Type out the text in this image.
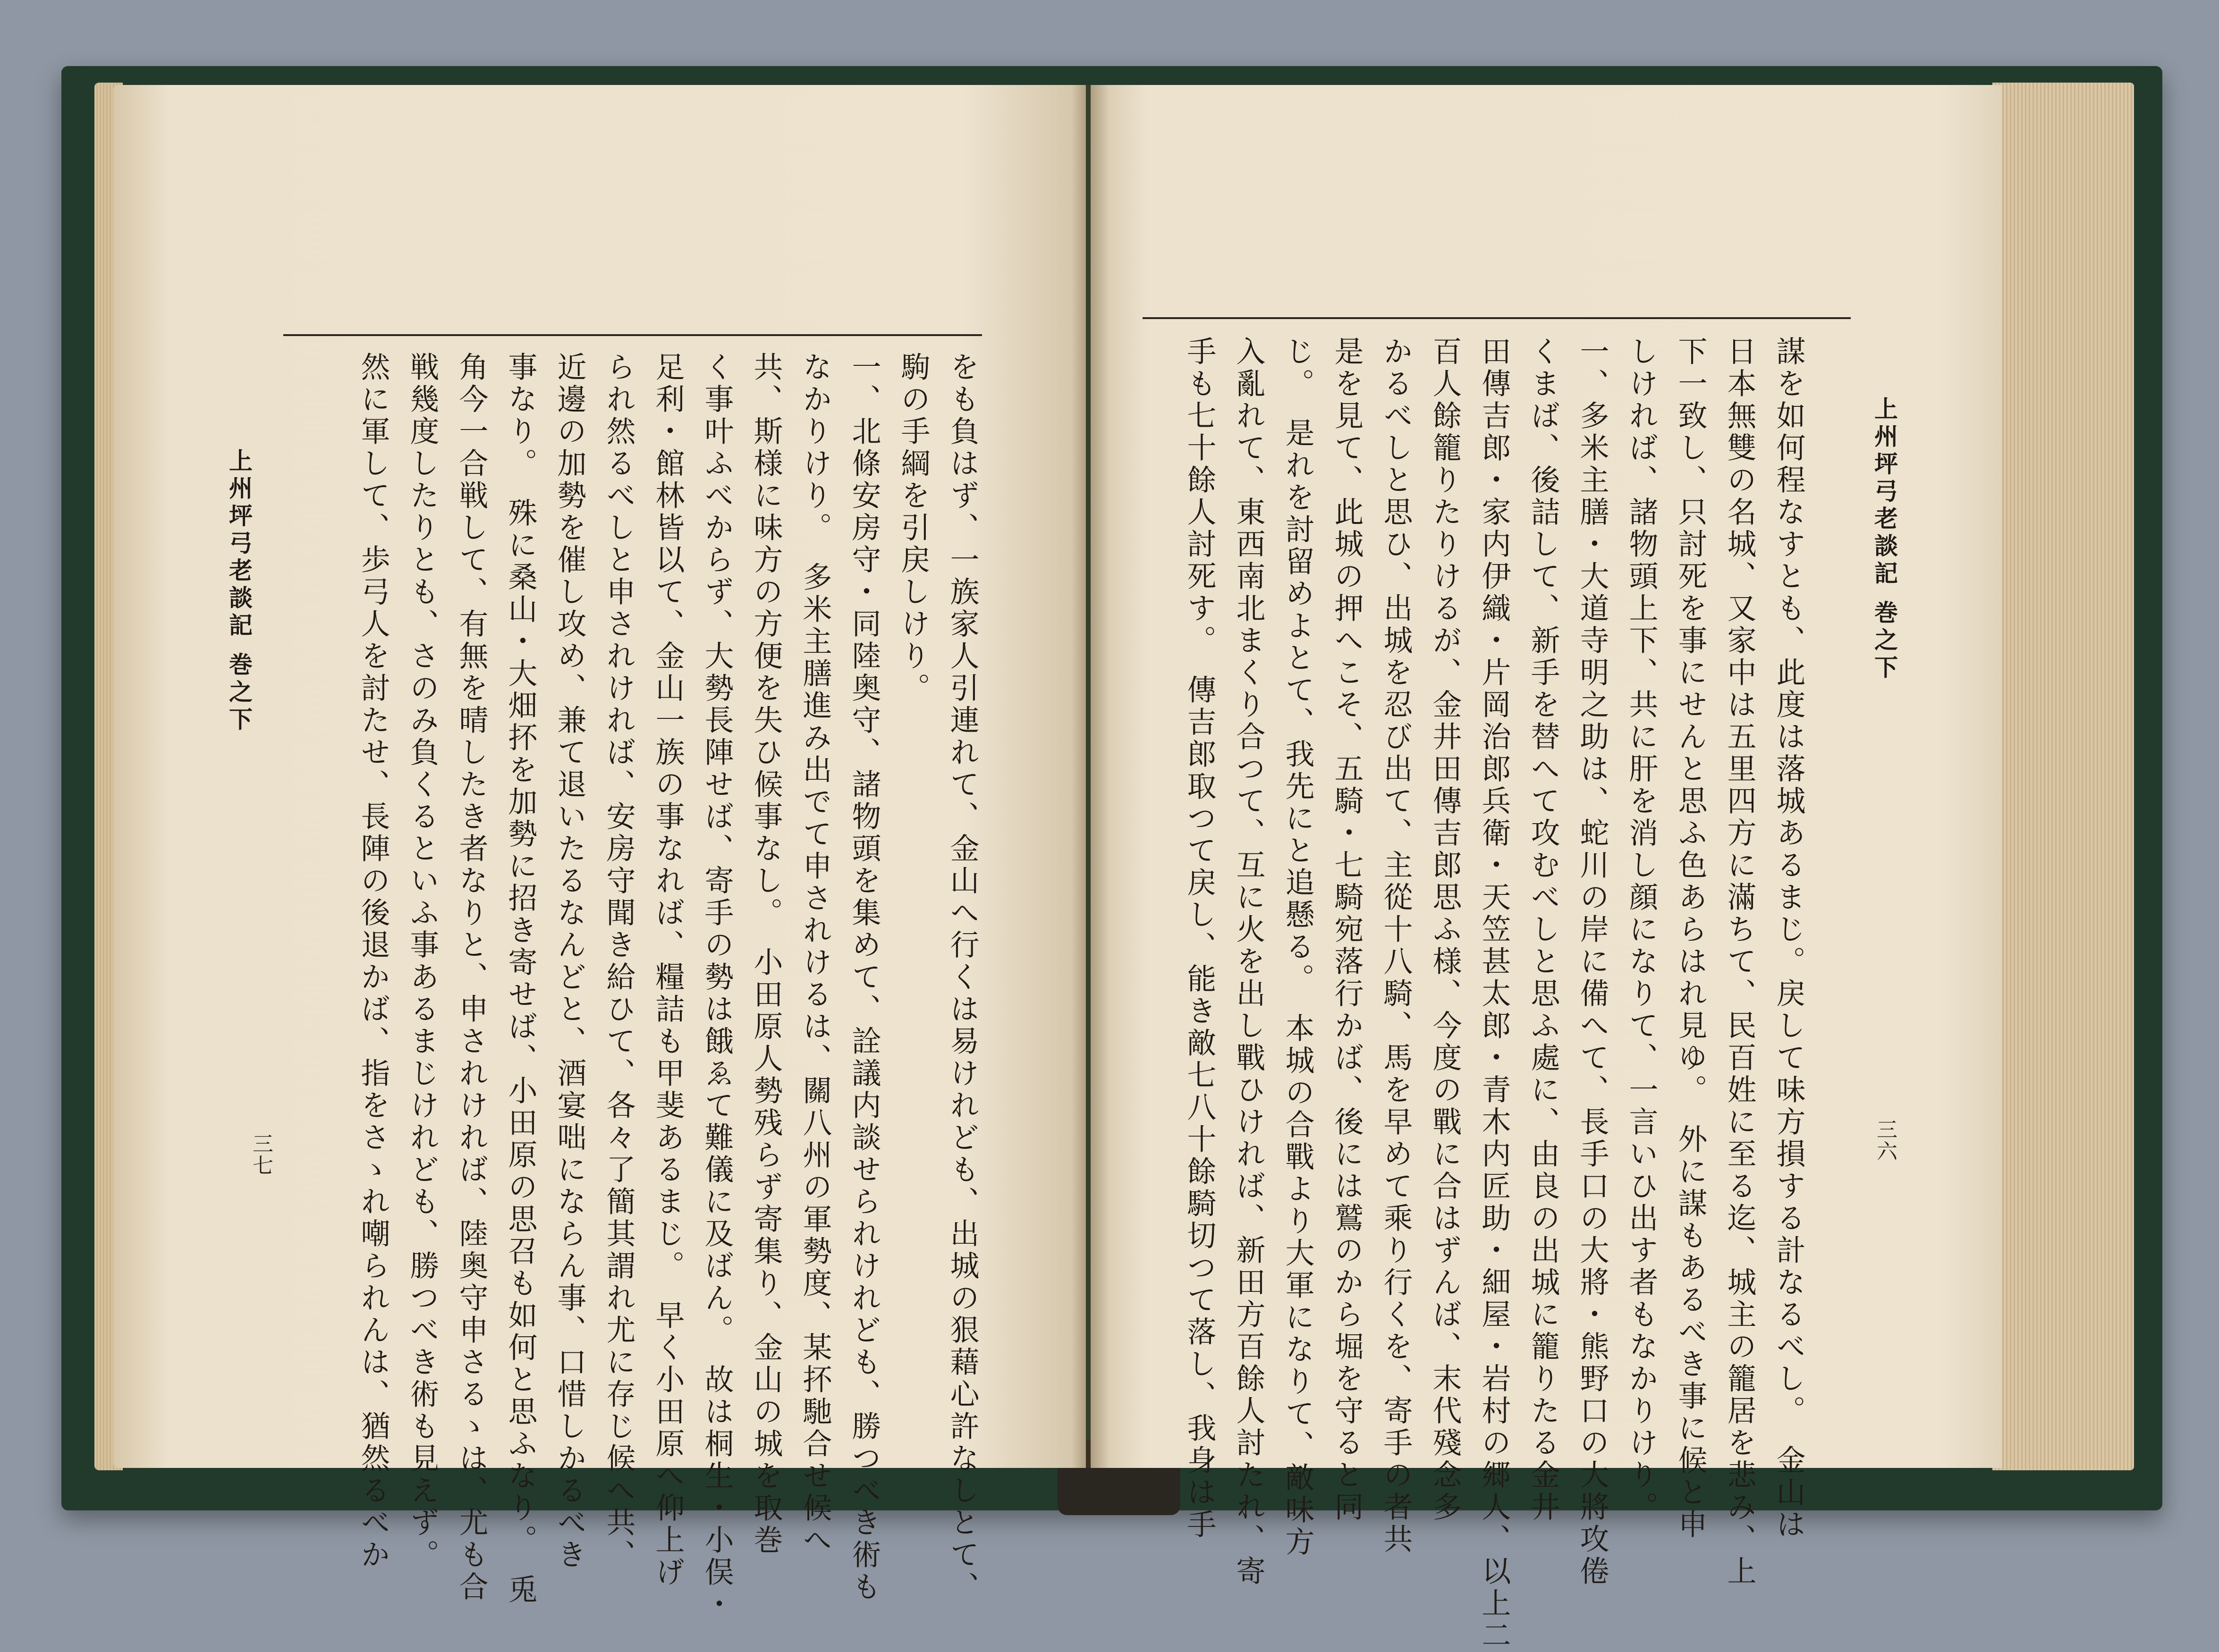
上州坪弓老談記 巻之下
三七	をも負はず、一族家人引連れて、金山へ行くは易けれども、出城の狠藉心許なしとて、
駒の手綱を引戻しけり。
一、北條安房守・同陸奥守、諸物頭を集めて、詮議内談せられけれども、勝つべき術も
なかりけり。　多米主膳進み出でて申されけるは、關八州の軍勢度、某抔馳合せ候へ
共、斯様に味方の方便を失ひ候事なし。　小田原人勢残らず寄集り、金山の城を取巻
く事叶ふべからず、大勢長陣せば、寄手の勢は餓ゑて難儀に及ばん。　故は桐生・小俣・
足利・館林皆以て、金山一族の事なれば、糧詰も甲斐あるまじ。　早く小田原へ仰上げ
られ然るべしと申されければ、安房守聞き給ひて、各々了簡其謂れ尤に存じ候へ共、
近邊の加勢を催し攻め、兼て退いたるなんどと、酒宴咄にならん事、口惜しかるべき
事なり。　殊に桑山・大畑抔を加勢に招き寄せば、小田原の思召も如何と思ふなり。　兎
角今一合戦して、有無を晴したき者なりと、申されければ、陸奥守申さるゝは、尤も合
戦幾度したりとも、さのみ負くるといふ事あるまじけれども、勝つべき術も見えず。
然に軍して、歩弓人を討たせ、長陣の後退かば、指をさゝれ嘲られんは、猶然るべか	上州坪弓老談記 巻之下
三六
謀を如何程なすとも、此度は落城あるまじ。戻して味方損する計なるべし。　金山は
日本無雙の名城、又家中は五里四方に滿ちて、民百姓に至る迄、城主の籠居を悲み、上
下一致し、只討死を事にせんと思ふ色あらはれ見ゆ。　外に謀もあるべき事に候と申
しければ、諸物頭上下、共に肝を消し顔になりて、一言いひ出す者もなかりけり。
一、多米主膳・大道寺明之助は、蛇川の岸に備へて、長手口の大將・熊野口の大將攻倦
くまば、後詰して、新手を替へて攻むべしと思ふ處に、由良の出城に籠りたる金井
田傳吉郎・家内伊織・片岡治郎兵衛・天笠甚太郎・青木内匠助・細屋・岩村の郷人、以上二
百人餘籠りたりけるが、金井田傳吉郎思ふ様、今度の戰に合はずんば、末代殘念多
かるべしと思ひ、出城を忍び出て、主從十八騎、馬を早めて乘り行くを、寄手の者共
是を見て、此城の押へこそ、五騎・七騎宛落行かば、後には鷲のから堀を守ると同
じ。　是れを討留めよとて、我先にと追懸る。　本城の合戰より大軍になりて、敵味方
入亂れて、東西南北まくり合つて、互に火を出し戰ひければ、新田方百餘人討たれ、寄
手も七十餘人討死す。　傳吉郎取つて戻し、能き敵七八十餘騎切つて落し、我身は手
